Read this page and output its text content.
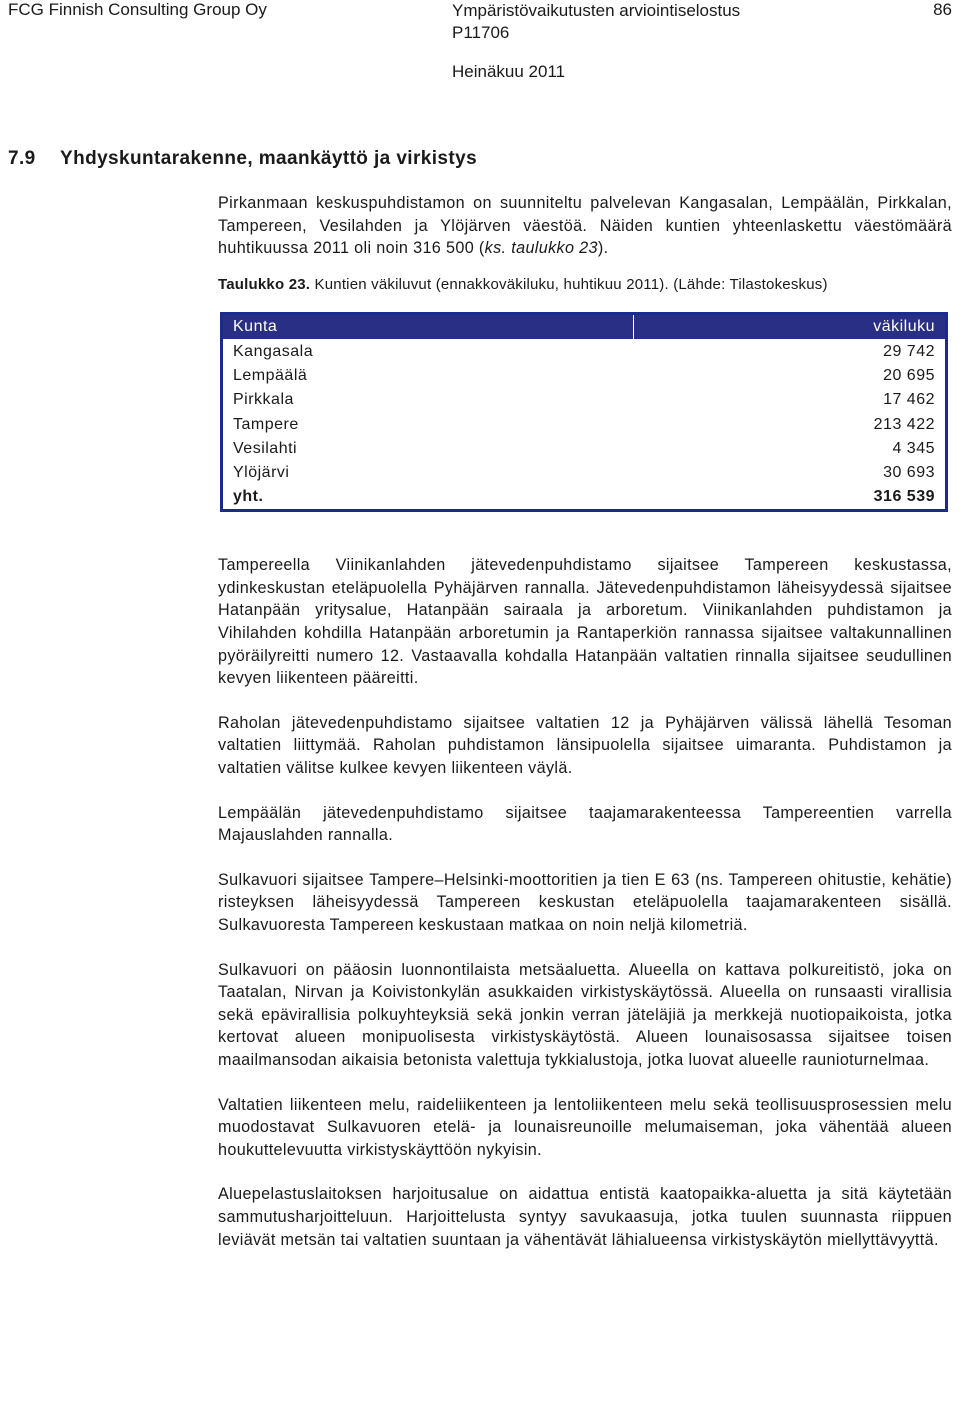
FCG Finnish Consulting Group Oy	Ympäristövaikutusten arviointiselostus
P11706
Heinäkuu 2011
86
7.9 Yhdyskuntarakenne, maankäyttö ja virkistys

Pirkanmaan keskuspuhdistamon on suunniteltu palvelevan Kangasalan, Lempäälän, Pirkkalan, Tampereen, Vesilahden ja Ylöjärven väestöä. Näiden kuntien yhteenlaskettu väestömäärä huhtikuussa 2011 oli noin 316 500 (ks. taulukko 23).

Taulukko 23. Kuntien väkiluvut (ennakkoväkiluku, huhtikuu 2011). (Lähde: Tilastokeskus)
Kunta	väkiluku
Kangasala	29 742
Lempäälä	20 695
Pirkkala	17 462
Tampere	213 422
Vesilahti	4 345
Ylöjärvi	30 693
yht.	316 539

Tampereella Viinikanlahden jätevedenpuhdistamo sijaitsee Tampereen keskustassa, ydinkeskustan eteläpuolella Pyhäjärven rannalla. Jätevedenpuhdistamon läheisyydessä sijaitsee Hatanpään yritysalue, Hatanpään sairaala ja arboretum. Viinikanlahden puhdistamon ja Vihilahden kohdilla Hatanpään arboretumin ja Rantaperkiön rannassa sijaitsee valtakunnallinen pyöräilyreitti numero 12. Vastaavalla kohdalla Hatanpään valtatien rinnalla sijaitsee seudullinen kevyen liikenteen pääreitti.

Raholan jätevedenpuhdistamo sijaitsee valtatien 12 ja Pyhäjärven välissä lähellä Tesoman valtatien liittymää. Raholan puhdistamon länsipuolella sijaitsee uimaranta. Puhdistamon ja valtatien välitse kulkee kevyen liikenteen väylä.

Lempäälän jätevedenpuhdistamo sijaitsee taajamarakenteessa Tampereentien varrella Majauslahden rannalla.

Sulkavuori sijaitsee Tampere–Helsinki-moottoritien ja tien E 63 (ns. Tampereen ohitustie, kehätie) risteyksen läheisyydessä Tampereen keskustan eteläpuolella taajamarakenteen sisällä. Sulkavuoresta Tampereen keskustaan matkaa on noin neljä kilometriä.

Sulkavuori on pääosin luonnontilaista metsäaluetta. Alueella on kattava polkureitistö, joka on Taatalan, Nirvan ja Koivistonkylän asukkaiden virkistyskäytössä. Alueella on runsaasti virallisia sekä epävirallisia polkuyhteyksiä sekä jonkin verran jäteläjiä ja merkkejä nuotiopaikoista, jotka kertovat alueen monipuolisesta virkistyskäytöstä. Alueen lounaisosassa sijaitsee toisen maailmansodan aikaisia betonista valettuja tykkialustoja, jotka luovat alueelle raunioturnelmaa.

Valtatien liikenteen melu, raideliikenteen ja lentoliikenteen melu sekä teollisuusprosessien melu muodostavat Sulkavuoren etelä- ja lounaisreunoille melumaiseman, joka vähentää alueen houkuttelevuutta virkistyskäyttöön nykyisin.

Aluepelastuslaitoksen harjoitusalue on aidattua entistä kaatopaikka-aluetta ja sitä käytetään sammutusharjoitteluun. Harjoittelusta syntyy savukaasuja, jotka tuulen suunnasta riippuen leviävät metsän tai valtatien suuntaan ja vähentävät lähialueensa virkistyskäytön miellyttävyyttä.
